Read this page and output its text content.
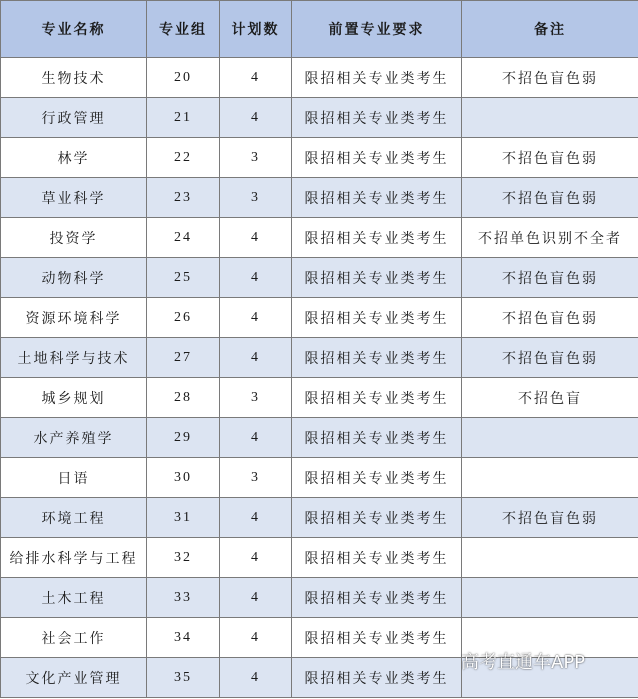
专业名称	专业组	计划数	前置专业要求	备注
生物技术	20	4	限招相关专业类考生	不招色盲色弱
行政管理	21	4	限招相关专业类考生	
林学	22	3	限招相关专业类考生	不招色盲色弱
草业科学	23	3	限招相关专业类考生	不招色盲色弱
投资学	24	4	限招相关专业类考生	不招单色识别不全者
动物科学	25	4	限招相关专业类考生	不招色盲色弱
资源环境科学	26	4	限招相关专业类考生	不招色盲色弱
土地科学与技术	27	4	限招相关专业类考生	不招色盲色弱
城乡规划	28	3	限招相关专业类考生	不招色盲
水产养殖学	29	4	限招相关专业类考生	
日语	30	3	限招相关专业类考生	
环境工程	31	4	限招相关专业类考生	不招色盲色弱
给排水科学与工程	32	4	限招相关专业类考生	
土木工程	33	4	限招相关专业类考生	
社会工作	34	4	限招相关专业类考生	
文化产业管理	35	4	限招相关专业类考生	
高考直通车APP
